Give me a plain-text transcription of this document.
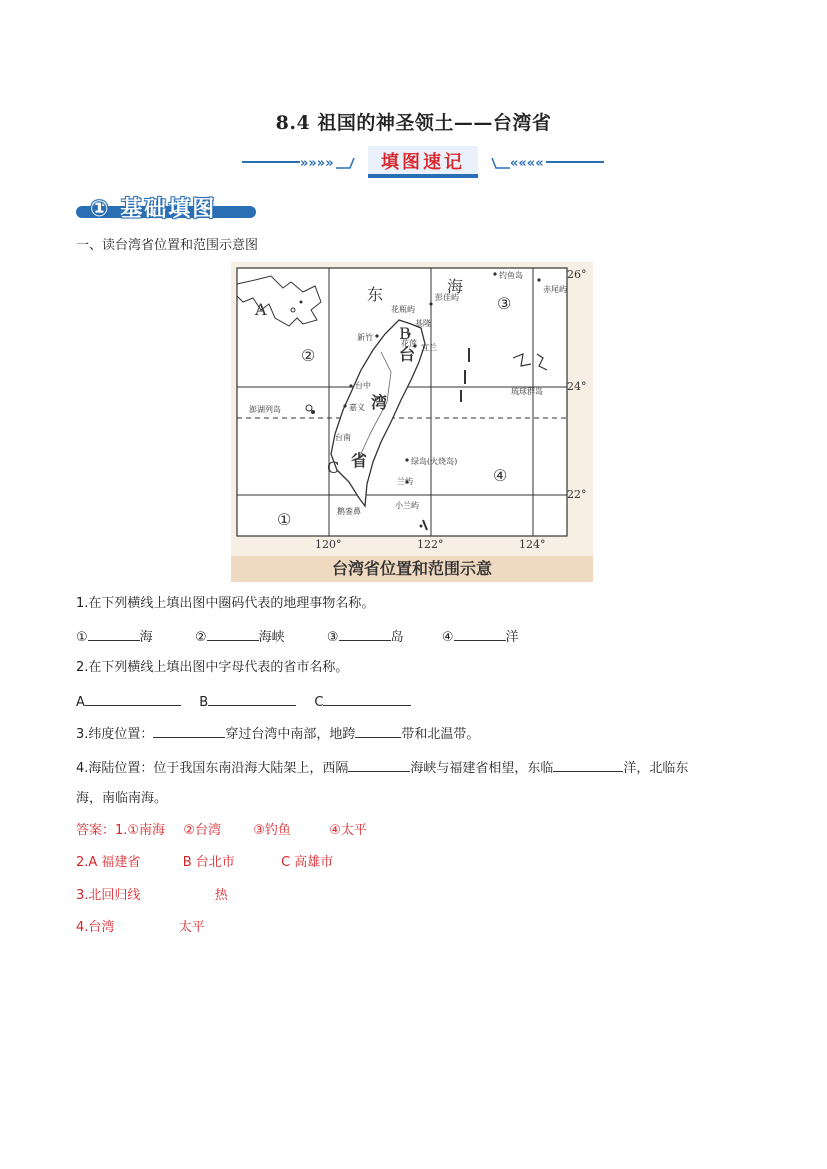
8.4 祖国的神圣领土——台湾省
»»»»	««««
填图速记
① 基础填图
一、读台湾省位置和范围示意图
A
B
C
②
③
④
①
东	海
台
湾
省
花瓶屿
彭佳屿
钓鱼岛
赤尾屿
基隆
宜兰
新竹
花莲
台中
嘉义
台南
绿岛(火烧岛)
兰屿
小兰屿
鹅銮鼻
澎湖列岛
琉球群岛
26°
24°
22°
120°	122°	124°
台湾省位置和范围示意
1.在下列横线上填出图中圈码代表的地理事物名称。
①	海	②	海峡	③	岛	④	洋
2.在下列横线上填出图中字母代表的省市名称。
A	B	C
3.纬度位置：	穿过台湾中南部，地跨	带和北温带。
4.海陆位置：位于我国东南沿海大陆架上，西隔	海峡与福建省相望，东临	洋，北临东
海，南临南海。
答案：1.①南海 ②台湾 ③钓鱼	④太平
2.A 福建省	B 台北市	C 高雄市
3.北回归线	热
4.台湾	太平
